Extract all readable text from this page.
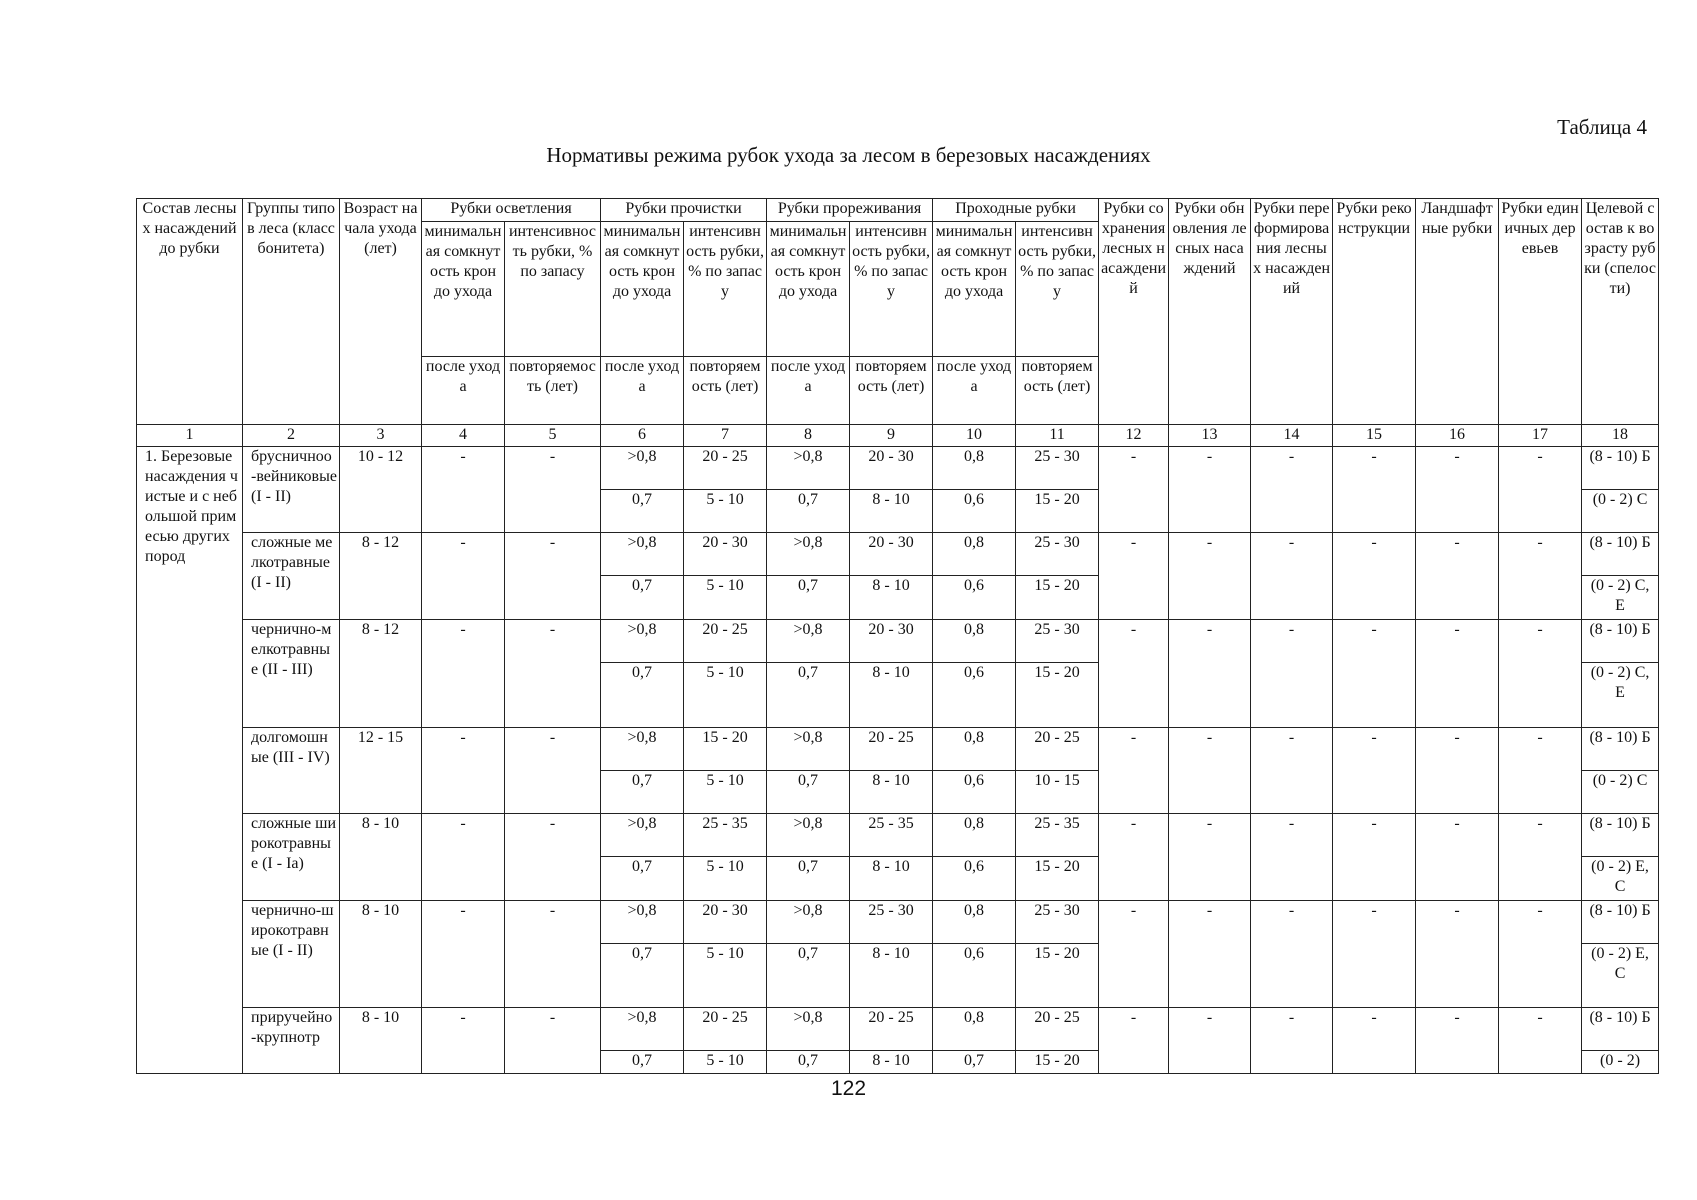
Таблица 4
Нормативы режима рубок ухода за лесом в березовых насаждениях
Состав лесных насаждений до рубки	Группы типов леса (класс бонитета)	Возраст начала ухода (лет)	Рубки осветления		Рубки прочистки		Рубки прореживания		Проходные рубки		Рубки сохранения лесных насаждений	Рубки обновления лесных насаждений	Рубки переформирования лесных насаждений	Рубки реконструкции	Ландшафтные рубки	Рубки единичных деревьев	Целевой состав к возрасту рубки (спелости)
			минимальная сомкнутость крон до ухода	интенсивность рубки, % по запасу	минимальная сомкнутость крон до ухода	интенсивность рубки, % по запасу	минимальная сомкнутость крон до ухода	интенсивность рубки, % по запасу	минимальная сомкнутость крон до ухода	интенсивность рубки, % по запасу							
			после ухода	повторяемость (лет)	после ухода	повторяемость (лет)	после ухода	повторяемость (лет)	после ухода	повторяемость (лет)							
1	2	3	4	5	6	7	8	9	10	11	12	13	14	15	16	17	18
1. Березовые насаждения чистые и с небольшой примесью других пород	брусничноо-вейниковые (I - II)	10 - 12	-	-	>0,8	20 - 25	>0,8	20 - 30	0,8	25 - 30	-	-	-	-	-	-	(8 - 10) Б
					0,7	5 - 10	0,7	8 - 10	0,6	15 - 20							(0 - 2) С
	сложные мелкотравные (I - II)	8 - 12	-	-	>0,8	20 - 30	>0,8	20 - 30	0,8	25 - 30	-	-	-	-	-	-	(8 - 10) Б
					0,7	5 - 10	0,7	8 - 10	0,6	15 - 20							(0 - 2) С, Е
	чернично-мелкотравные (II - III)	8 - 12	-	-	>0,8	20 - 25	>0,8	20 - 30	0,8	25 - 30	-	-	-	-	-	-	(8 - 10) Б
					0,7	5 - 10	0,7	8 - 10	0,6	15 - 20							(0 - 2) С, Е
	долгомошные (III - IV)	12 - 15	-	-	>0,8	15 - 20	>0,8	20 - 25	0,8	20 - 25	-	-	-	-	-	-	(8 - 10) Б
					0,7	5 - 10	0,7	8 - 10	0,6	10 - 15							(0 - 2) С
	сложные широкотравные (I - Ia)	8 - 10	-	-	>0,8	25 - 35	>0,8	25 - 35	0,8	25 - 35	-	-	-	-	-	-	(8 - 10) Б
					0,7	5 - 10	0,7	8 - 10	0,6	15 - 20							(0 - 2) Е, С
	чернично-широкотравные (I - II)	8 - 10	-	-	>0,8	20 - 30	>0,8	25 - 30	0,8	25 - 30	-	-	-	-	-	-	(8 - 10) Б
					0,7	5 - 10	0,7	8 - 10	0,6	15 - 20							(0 - 2) Е, С
	приручейно-крупнотр	8 - 10	-	-	>0,8	20 - 25	>0,8	20 - 25	0,8	20 - 25	-	-	-	-	-	-	(8 - 10) Б
					0,7	5 - 10	0,7	8 - 10	0,7	15 - 20							(0 - 2)
122
